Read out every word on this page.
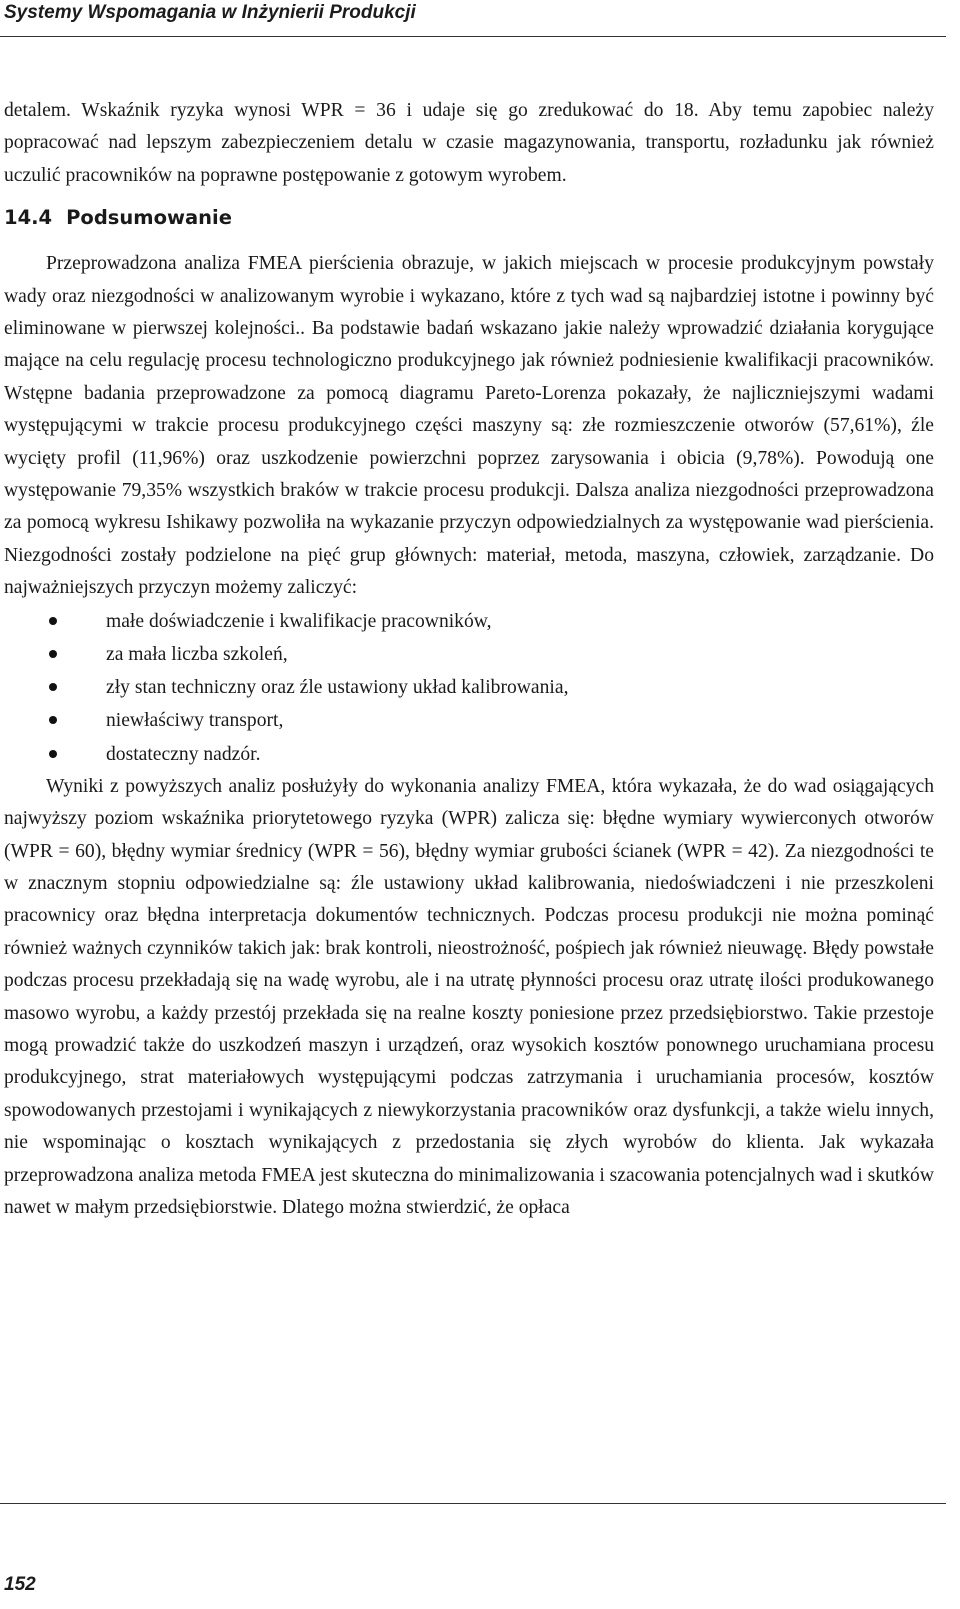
Systemy Wspomagania w Inżynierii Produkcji

detalem. Wskaźnik ryzyka wynosi WPR = 36 i udaje się go zredukować do 18. Aby temu zapobiec należy popracować nad lepszym zabezpieczeniem detalu w czasie magazynowania, transportu, rozładunku jak również uczulić pracowników na poprawne postępowanie z gotowym wyrobem.

14.4 Podsumowanie

Przeprowadzona analiza FMEA pierścienia obrazuje, w jakich miejscach w procesie produkcyjnym powstały wady oraz niezgodności w analizowanym wyrobie i wykazano, które z tych wad są najbardziej istotne i powinny być eliminowane w pierwszej kolejności.. Ba podstawie badań wskazano jakie należy wprowadzić działania korygujące mające na celu regulację procesu technologiczno produkcyjnego jak również podniesienie kwalifikacji pracowników. Wstępne badania przeprowadzone za pomocą diagramu Pareto-Lorenza pokazały, że najliczniejszymi wadami występującymi w trakcie procesu produkcyjnego części maszyny są: złe rozmieszczenie otworów (57,61%), źle wycięty profil (11,96%) oraz uszkodzenie powierzchni poprzez zarysowania i obicia (9,78%). Powodują one występowanie 79,35% wszystkich braków w trakcie procesu produkcji. Dalsza analiza niezgodności przeprowadzona za pomocą wykresu Ishikawy pozwoliła na wykazanie przyczyn odpowiedzialnych za występowanie wad pierścienia. Niezgodności zostały podzielone na pięć grup głównych: materiał, metoda, maszyna, człowiek, zarządzanie. Do najważniejszych przyczyn możemy zaliczyć:

małe doświadczenie i kwalifikacje pracowników,
za mała liczba szkoleń,
zły stan techniczny oraz źle ustawiony układ kalibrowania,
niewłaściwy transport,
dostateczny nadzór.

Wyniki z powyższych analiz posłużyły do wykonania analizy FMEA, która wykazała, że do wad osiągających najwyższy poziom wskaźnika priorytetowego ryzyka (WPR) zalicza się: błędne wymiary wywierconych otworów (WPR = 60), błędny wymiar średnicy (WPR = 56), błędny wymiar grubości ścianek (WPR = 42). Za niezgodności te w znacznym stopniu odpowiedzialne są: źle ustawiony układ kalibrowania, niedoświadczeni i nie przeszkoleni pracownicy oraz błędna interpretacja dokumentów technicznych. Podczas procesu produkcji nie można pominąć również ważnych czynników takich jak: brak kontroli, nieostrożność, pośpiech jak również nieuwagę. Błędy powstałe podczas procesu przekładają się na wadę wyrobu, ale i na utratę płynności procesu oraz utratę ilości produkowanego masowo wyrobu, a każdy przestój przekłada się na realne koszty poniesione przez przedsiębiorstwo. Takie przestoje mogą prowadzić także do uszkodzeń maszyn i urządzeń, oraz wysokich kosztów ponownego uruchamiana procesu produkcyjnego, strat materiałowych występującymi podczas zatrzymania i uruchamiania procesów, kosztów spowodowanych przestojami i wynikających z niewykorzystania pracowników oraz dysfunkcji, a także wielu innych, nie wspominając o kosztach wynikających z przedostania się złych wyrobów do klienta. Jak wykazała przeprowadzona analiza metoda FMEA jest skuteczna do minimalizowania i szacowania potencjalnych wad i skutków nawet w małym przedsiębiorstwie. Dlatego można stwierdzić, że opłaca

152
